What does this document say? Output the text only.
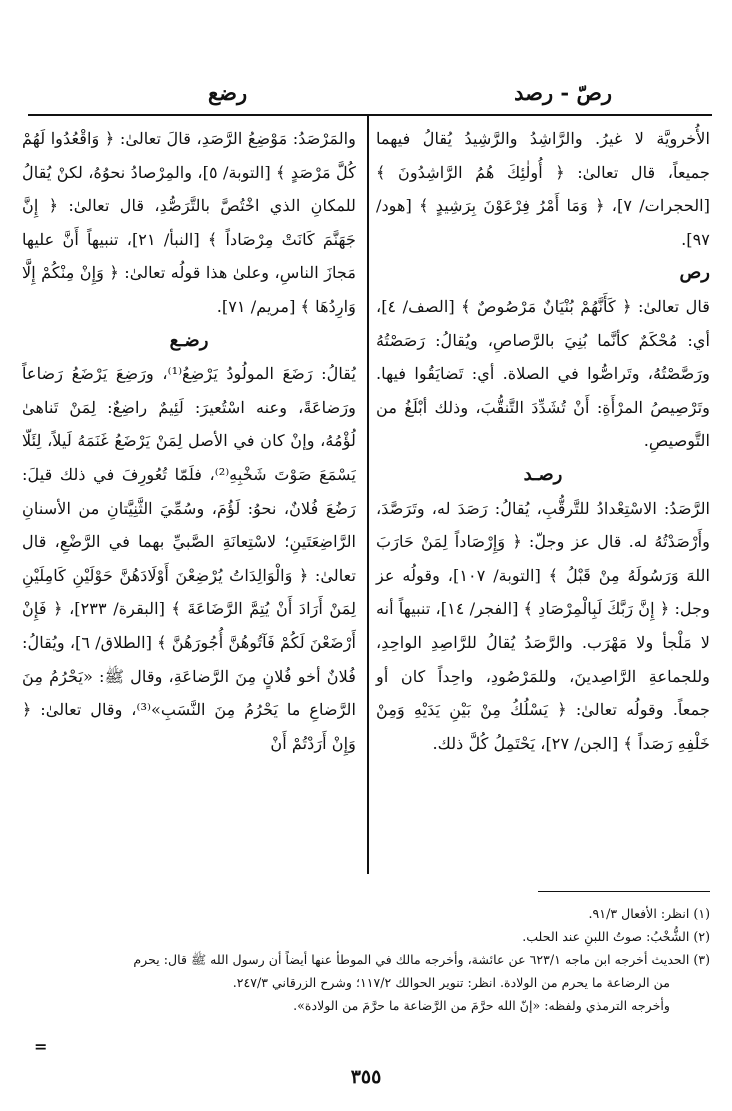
رصّ - رصد
رضع

الأُخرويَّة لا غيرُ. والرَّاشِدُ والرَّشِيدُ يُقالُ فيهما جميعاً، قال تعالىٰ: ﴿ أُولٰئِكَ هُمُ الرَّاشِدُونَ ﴾ [الحجرات/ ٧]، ﴿ وَمَا أَمْرُ فِرْعَوْنَ بِرَشِيدٍ ﴾ [هود/ ٩٧].

رص

قال تعالىٰ: ﴿ كَأَنَّهُمْ بُنْيَانٌ مَرْصُوصٌ ﴾ [الصف/ ٤]، أي: مُحْكَمٌ كأنَّما بُنِيَ بالرَّصاصِ، ويُقالُ: رَصَصْتُهُ ورَصَّصْتُهُ، وتَراصُّوا في الصلاة. أي: تَضايَقُوا فيها. وتَرْصِيصُ المرْأَةِ: أَنْ تُشَدِّدَ التَّنقُّبَ، وذلك أبْلَغُ من التَّوصيصِ.

رصـد

الرَّصَدُ: الاسْتِعْدادُ للتَّرقُّبِ، يُقالُ: رَصَدَ له، وتَرَصَّدَ، وأَرْصَدْتُهُ له. قال عز وجلّ: ﴿ وَإِرْصَاداً لِمَنْ حَارَبَ اللهَ وَرَسُولَهُ مِنْ قَبْلُ ﴾ [التوبة/ ١٠٧]، وقولُه عز وجل: ﴿ إِنَّ رَبَّكَ لَبِالْمِرْصَادِ ﴾ [الفجر/ ١٤]، تنبيهاً أنه لا مَلْجأ ولا مَهْرَب. والرَّصَدُ يُقالُ للرَّاصِدِ الواحِدِ، وللجماعةِ الرَّاصِدينَ، وللمَرْصُودِ، واحِداً كان أو جمعاً. وقولُه تعالىٰ: ﴿ يَسْلُكُ مِنْ بَيْنِ يَدَيْهِ وَمِنْ خَلْفِهِ رَصَداً ﴾ [الجن/ ٢٧]، يَحْتَمِلُ كُلَّ ذلك.

والمَرْصَدُ: مَوْضِعُ الرَّصَدِ، قالَ تعالىٰ: ﴿ وَاقْعُدُوا لَهُمْ كُلَّ مَرْصَدٍ ﴾ [التوبة/ ٥]، والمِرْصادُ نحوُهُ، لكنْ يُقالُ للمكانِ الذي اخْتُصَّ بالتَّرَصُّدِ، قال تعالىٰ: ﴿ إِنَّ جَهَنَّمَ كَانَتْ مِرْصَاداً ﴾ [النبأ/ ٢١]، تنبيهاً أَنَّ عليها مَجازَ الناسِ، وعلىٰ هذا قولُه تعالىٰ: ﴿ وَإِنْ مِنْكُمْ إِلَّا وَارِدُهَا ﴾ [مريم/ ٧١].

رضـع

يُقالُ: رَضَعَ المولُودُ يَرْضِعُ⁽¹⁾، ورَضِعَ يَرْضَعُ رَضاعاً ورَضاعَةً، وعنه اسْتُعيرَ: لَئِيمٌ راضِعٌ: لِمَنْ تَناهىٰ لُؤْمُهُ، وإنْ كان في الأصل لِمَنْ يَرْضَعُ غَنَمَهُ لَيلاً، لِئَلّا يَسْمَعَ صَوْتَ شَخْبِهِ⁽²⁾، فلَمّا تُعُورِفَ في ذلك قيلَ: رَضُعَ فُلانٌ، نحوُ: لَؤُمَ، وسُمِّيَ الثَّنِيَّتانِ من الأسنانِ الرَّاضِعَتَينِ؛ لاسْتِعانَةِ الصَّبيِّ بهما في الرَّضْعِ، قال تعالىٰ: ﴿ وَالْوَالِدَاتُ يُرْضِعْنَ أَوْلَادَهُنَّ حَوْلَيْنِ كَامِلَيْنِ لِمَنْ أَرَادَ أَنْ يُتِمَّ الرَّضَاعَةَ ﴾ [البقرة/ ٢٣٣]، ﴿ فَإِنْ أَرْضَعْنَ لَكُمْ فَآتُوهُنَّ أُجُورَهُنَّ ﴾ [الطلاق/ ٦]، ويُقالُ: فُلانٌ أخو فُلانٍ مِنَ الرَّضاعَةِ، وقال ﷺ: «يَحْرُمُ مِنَ الرَّضاعِ ما يَحْرُمُ مِنَ النَّسَبِ»⁽³⁾، وقال تعالىٰ: ﴿ وَإِنْ أَرَدْتُمْ أَنْ

(١) انظر: الأفعال ٩١/٣.
(٢) الشُّخْبُ: صوتُ اللبنِ عند الحلب.
(٣) الحديث أخرجه ابن ماجه ٦٢٣/١ عن عائشة، وأخرجه مالك في الموطأ عنها أيضاً أن رسول الله ﷺ قال: يحرم
من الرضاعة ما يحرم من الولادة. انظر: تنوير الحوالك ١١٧/٢؛ وشرح الزرقاني ٢٤٧/٣.
وأخرجه الترمذي ولفظه: «إنّ الله حرَّمَ من الرَّضاعة ما حرَّمَ من الولادة».
=
٣٥٥
